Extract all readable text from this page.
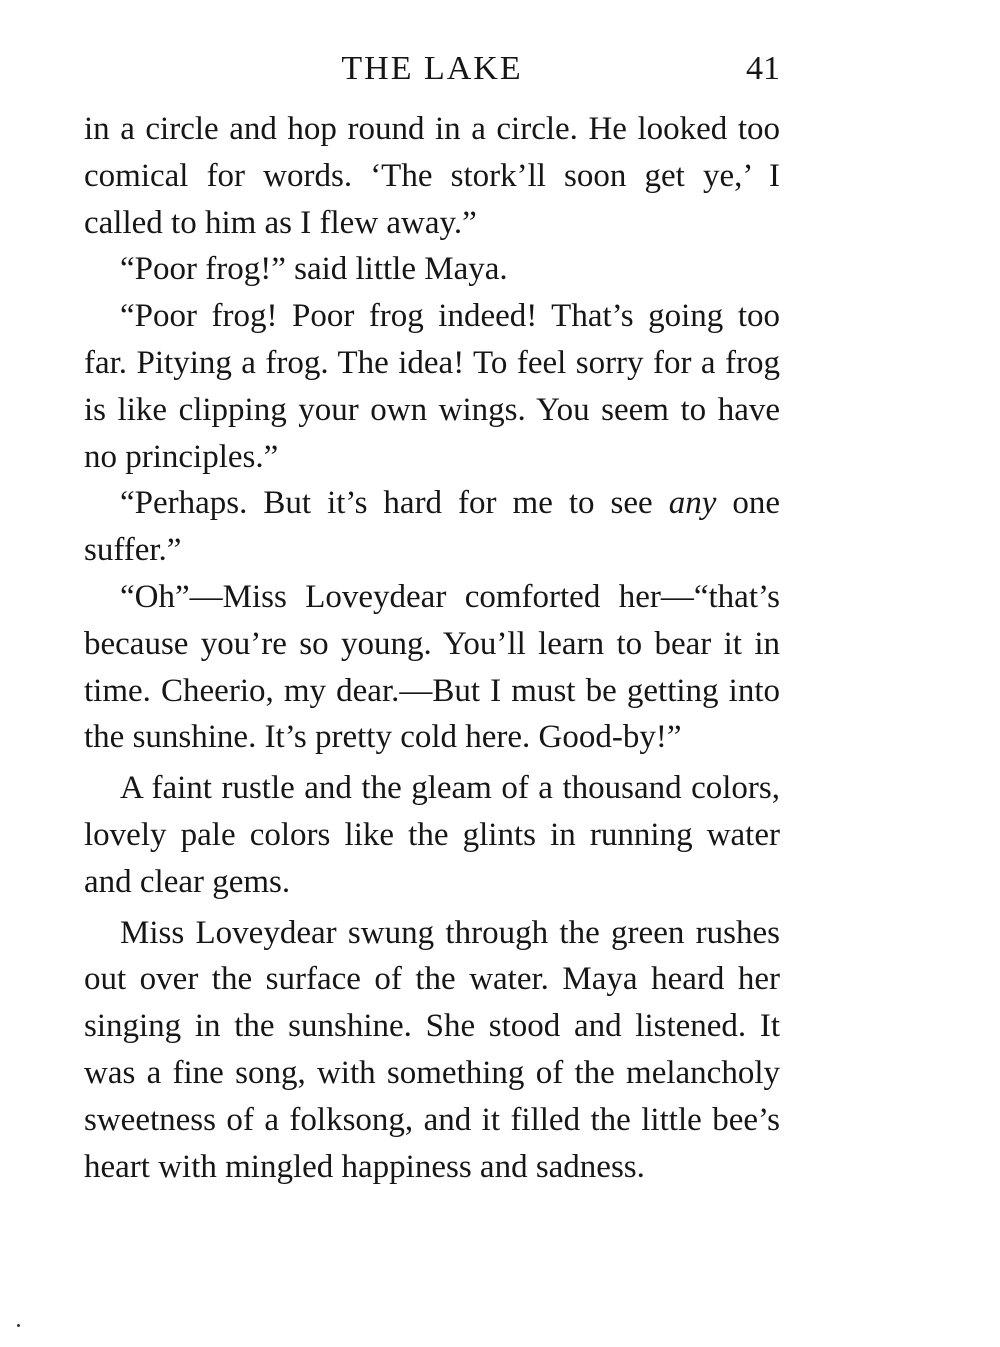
THE LAKE	41

in a circle and hop round in a circle. He looked too comical for words. ‘The stork’ll soon get ye,’ I called to him as I flew away.”

“Poor frog!” said little Maya.

“Poor frog! Poor frog indeed! That’s going too far. Pitying a frog. The idea! To feel sorry for a frog is like clipping your own wings. You seem to have no principles.”

“Perhaps. But it’s hard for me to see any one suffer.”

“Oh”—Miss Loveydear comforted her—“that’s because you’re so young. You’ll learn to bear it in time. Cheerio, my dear.—But I must be getting into the sunshine. It’s pretty cold here. Good-by!”

A faint rustle and the gleam of a thousand colors, lovely pale colors like the glints in running water and clear gems.

Miss Loveydear swung through the green rushes out over the surface of the water. Maya heard her singing in the sunshine. She stood and listened. It was a fine song, with something of the melancholy sweetness of a folksong, and it filled the little bee’s heart with mingled happiness and sadness.
